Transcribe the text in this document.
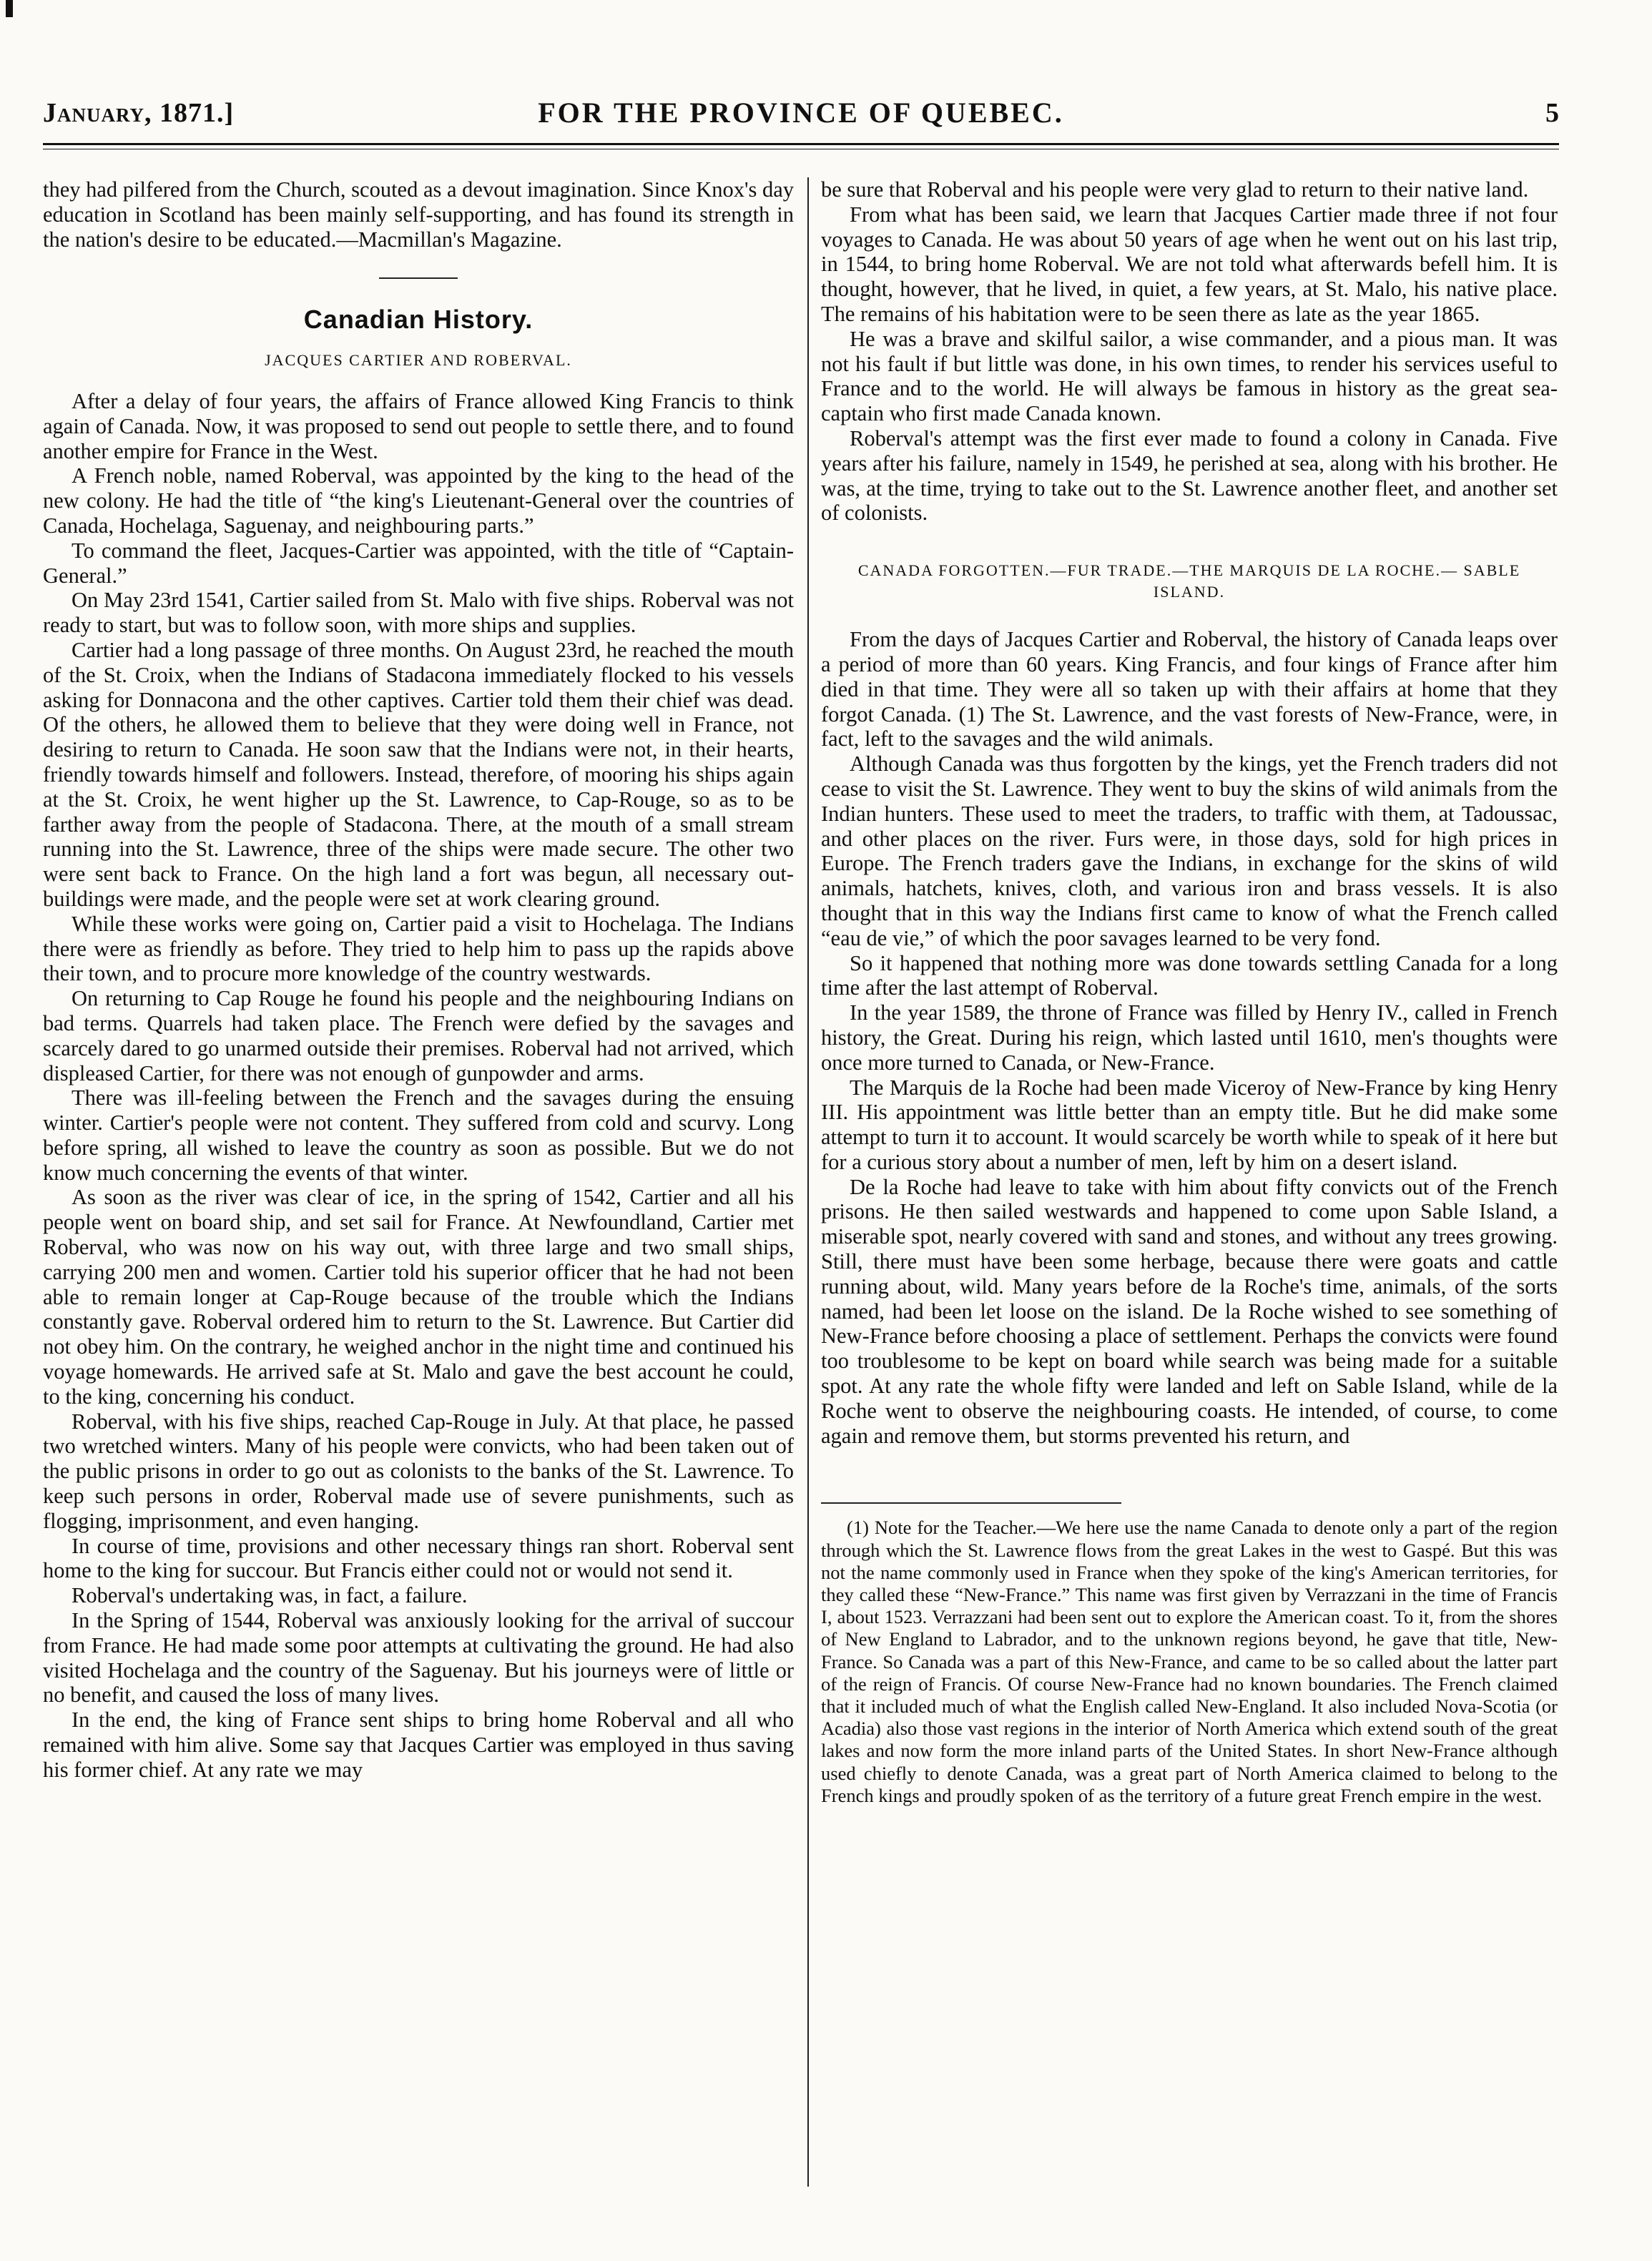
FOR THE PROVINCE OF QUEBEC.
January, 1871.]	5

they had pilfered from the Church, scouted as a devout imagination. Since Knox's day education in Scotland has been mainly self-supporting, and has found its strength in the nation's desire to be educated.—Macmillan's Magazine.

Canadian History.
JACQUES CARTIER AND ROBERVAL.

After a delay of four years, the affairs of France allowed King Francis to think again of Canada. Now, it was proposed to send out people to settle there, and to found another empire for France in the West.

A French noble, named Roberval, was appointed by the king to the head of the new colony. He had the title of “the king's Lieutenant-General over the countries of Canada, Hochelaga, Saguenay, and neighbouring parts.”

To command the fleet, Jacques-Cartier was appointed, with the title of “Captain-General.”

On May 23rd 1541, Cartier sailed from St. Malo with five ships. Roberval was not ready to start, but was to follow soon, with more ships and supplies.

Cartier had a long passage of three months. On August 23rd, he reached the mouth of the St. Croix, when the Indians of Stadacona immediately flocked to his vessels asking for Donnacona and the other captives. Cartier told them their chief was dead. Of the others, he allowed them to believe that they were doing well in France, not desiring to return to Canada. He soon saw that the Indians were not, in their hearts, friendly towards himself and followers. Instead, therefore, of mooring his ships again at the St. Croix, he went higher up the St. Lawrence, to Cap-Rouge, so as to be farther away from the people of Stadacona. There, at the mouth of a small stream running into the St. Lawrence, three of the ships were made secure. The other two were sent back to France. On the high land a fort was begun, all necessary out-buildings were made, and the people were set at work clearing ground.

While these works were going on, Cartier paid a visit to Hochelaga. The Indians there were as friendly as before. They tried to help him to pass up the rapids above their town, and to procure more knowledge of the country westwards.

On returning to Cap Rouge he found his people and the neighbouring Indians on bad terms. Quarrels had taken place. The French were defied by the savages and scarcely dared to go unarmed outside their premises. Roberval had not arrived, which displeased Cartier, for there was not enough of gunpowder and arms.

There was ill-feeling between the French and the savages during the ensuing winter. Cartier's people were not content. They suffered from cold and scurvy. Long before spring, all wished to leave the country as soon as possible. But we do not know much concerning the events of that winter.

As soon as the river was clear of ice, in the spring of 1542, Cartier and all his people went on board ship, and set sail for France. At Newfoundland, Cartier met Roberval, who was now on his way out, with three large and two small ships, carrying 200 men and women. Cartier told his superior officer that he had not been able to remain longer at Cap-Rouge because of the trouble which the Indians constantly gave. Roberval ordered him to return to the St. Lawrence. But Cartier did not obey him. On the contrary, he weighed anchor in the night time and continued his voyage homewards. He arrived safe at St. Malo and gave the best account he could, to the king, concerning his conduct.

Roberval, with his five ships, reached Cap-Rouge in July. At that place, he passed two wretched winters. Many of his people were convicts, who had been taken out of the public prisons in order to go out as colonists to the banks of the St. Lawrence. To keep such persons in order, Roberval made use of severe punishments, such as flogging, imprisonment, and even hanging.

In course of time, provisions and other necessary things ran short. Roberval sent home to the king for succour. But Francis either could not or would not send it.

Roberval's undertaking was, in fact, a failure.

In the Spring of 1544, Roberval was anxiously looking for the arrival of succour from France. He had made some poor attempts at cultivating the ground. He had also visited Hochelaga and the country of the Saguenay. But his journeys were of little or no benefit, and caused the loss of many lives.

In the end, the king of France sent ships to bring home Roberval and all who remained with him alive. Some say that Jacques Cartier was employed in thus saving his former chief. At any rate we may

be sure that Roberval and his people were very glad to return to their native land.

From what has been said, we learn that Jacques Cartier made three if not four voyages to Canada. He was about 50 years of age when he went out on his last trip, in 1544, to bring home Roberval. We are not told what afterwards befell him. It is thought, however, that he lived, in quiet, a few years, at St. Malo, his native place. The remains of his habitation were to be seen there as late as the year 1865.

He was a brave and skilful sailor, a wise commander, and a pious man. It was not his fault if but little was done, in his own times, to render his services useful to France and to the world. He will always be famous in history as the great sea-captain who first made Canada known.

Roberval's attempt was the first ever made to found a colony in Canada. Five years after his failure, namely in 1549, he perished at sea, along with his brother. He was, at the time, trying to take out to the St. Lawrence another fleet, and another set of colonists.

CANADA FORGOTTEN.—FUR TRADE.—THE MARQUIS DE LA ROCHE.— SABLE ISLAND.

From the days of Jacques Cartier and Roberval, the history of Canada leaps over a period of more than 60 years. King Francis, and four kings of France after him died in that time. They were all so taken up with their affairs at home that they forgot Canada. (1) The St. Lawrence, and the vast forests of New-France, were, in fact, left to the savages and the wild animals.

Although Canada was thus forgotten by the kings, yet the French traders did not cease to visit the St. Lawrence. They went to buy the skins of wild animals from the Indian hunters. These used to meet the traders, to traffic with them, at Tadoussac, and other places on the river. Furs were, in those days, sold for high prices in Europe. The French traders gave the Indians, in exchange for the skins of wild animals, hatchets, knives, cloth, and various iron and brass vessels. It is also thought that in this way the Indians first came to know of what the French called “eau de vie,” of which the poor savages learned to be very fond.

So it happened that nothing more was done towards settling Canada for a long time after the last attempt of Roberval.

In the year 1589, the throne of France was filled by Henry IV., called in French history, the Great. During his reign, which lasted until 1610, men's thoughts were once more turned to Canada, or New-France.

The Marquis de la Roche had been made Viceroy of New-France by king Henry III. His appointment was little better than an empty title. But he did make some attempt to turn it to account. It would scarcely be worth while to speak of it here but for a curious story about a number of men, left by him on a desert island.

De la Roche had leave to take with him about fifty convicts out of the French prisons. He then sailed westwards and happened to come upon Sable Island, a miserable spot, nearly covered with sand and stones, and without any trees growing. Still, there must have been some herbage, because there were goats and cattle running about, wild. Many years before de la Roche's time, animals, of the sorts named, had been let loose on the island. De la Roche wished to see something of New-France before choosing a place of settlement. Perhaps the convicts were found too troublesome to be kept on board while search was being made for a suitable spot. At any rate the whole fifty were landed and left on Sable Island, while de la Roche went to observe the neighbouring coasts. He intended, of course, to come again and remove them, but storms prevented his return, and

(1) Note for the Teacher.—We here use the name Canada to denote only a part of the region through which the St. Lawrence flows from the great Lakes in the west to Gaspé. But this was not the name commonly used in France when they spoke of the king's American territories, for they called these “New-France.” This name was first given by Verrazzani in the time of Francis I, about 1523. Verrazzani had been sent out to explore the American coast. To it, from the shores of New England to Labrador, and to the unknown regions beyond, he gave that title, New-France. So Canada was a part of this New-France, and came to be so called about the latter part of the reign of Francis. Of course New-France had no known boundaries. The French claimed that it included much of what the English called New-England. It also included Nova-Scotia (or Acadia) also those vast regions in the interior of North America which extend south of the great lakes and now form the more inland parts of the United States. In short New-France although used chiefly to denote Canada, was a great part of North America claimed to belong to the French kings and proudly spoken of as the territory of a future great French empire in the west.
